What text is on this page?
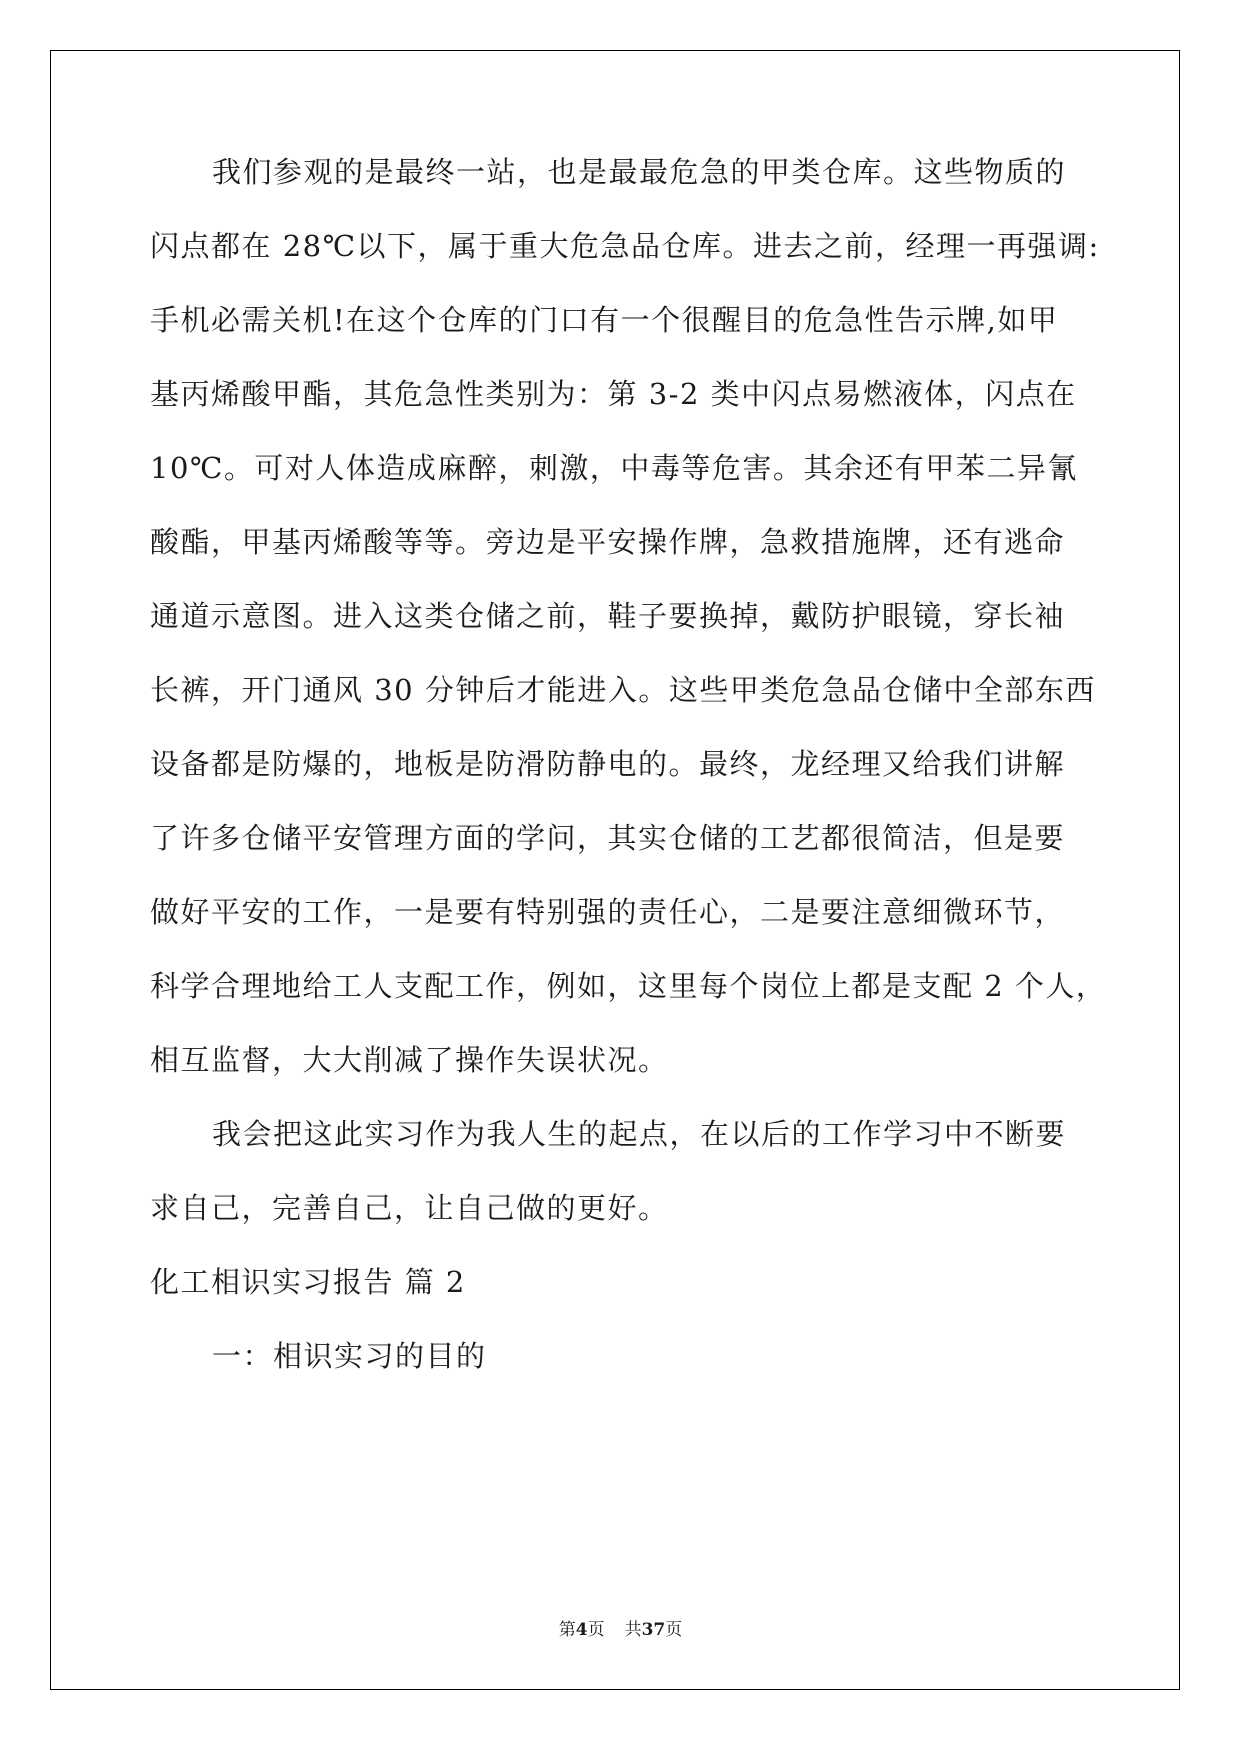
我们参观的是最终一站，也是最最危急的甲类仓库。这些物质的
闪点都在 28℃以下，属于重大危急品仓库。进去之前，经理一再强调:
手机必需关机!在这个仓库的门口有一个很醒目的危急性告示牌,如甲
基丙烯酸甲酯，其危急性类别为：第 3-2 类中闪点易燃液体，闪点在
10℃。可对人体造成麻醉，刺激，中毒等危害。其余还有甲苯二异氰
酸酯，甲基丙烯酸等等。旁边是平安操作牌，急救措施牌，还有逃命
通道示意图。进入这类仓储之前，鞋子要换掉，戴防护眼镜，穿长袖
长裤，开门通风 30 分钟后才能进入。这些甲类危急品仓储中全部东西
设备都是防爆的，地板是防滑防静电的。最终，龙经理又给我们讲解
了许多仓储平安管理方面的学问，其实仓储的工艺都很简洁，但是要
做好平安的工作，一是要有特别强的责任心，二是要注意细微环节，
科学合理地给工人支配工作，例如，这里每个岗位上都是支配 2 个人，
相互监督，大大削减了操作失误状况。
我会把这此实习作为我人生的起点，在以后的工作学习中不断要
求自己，完善自己，让自己做的更好。
化工相识实习报告 篇 2
一：相识实习的目的
第4页 共37页
